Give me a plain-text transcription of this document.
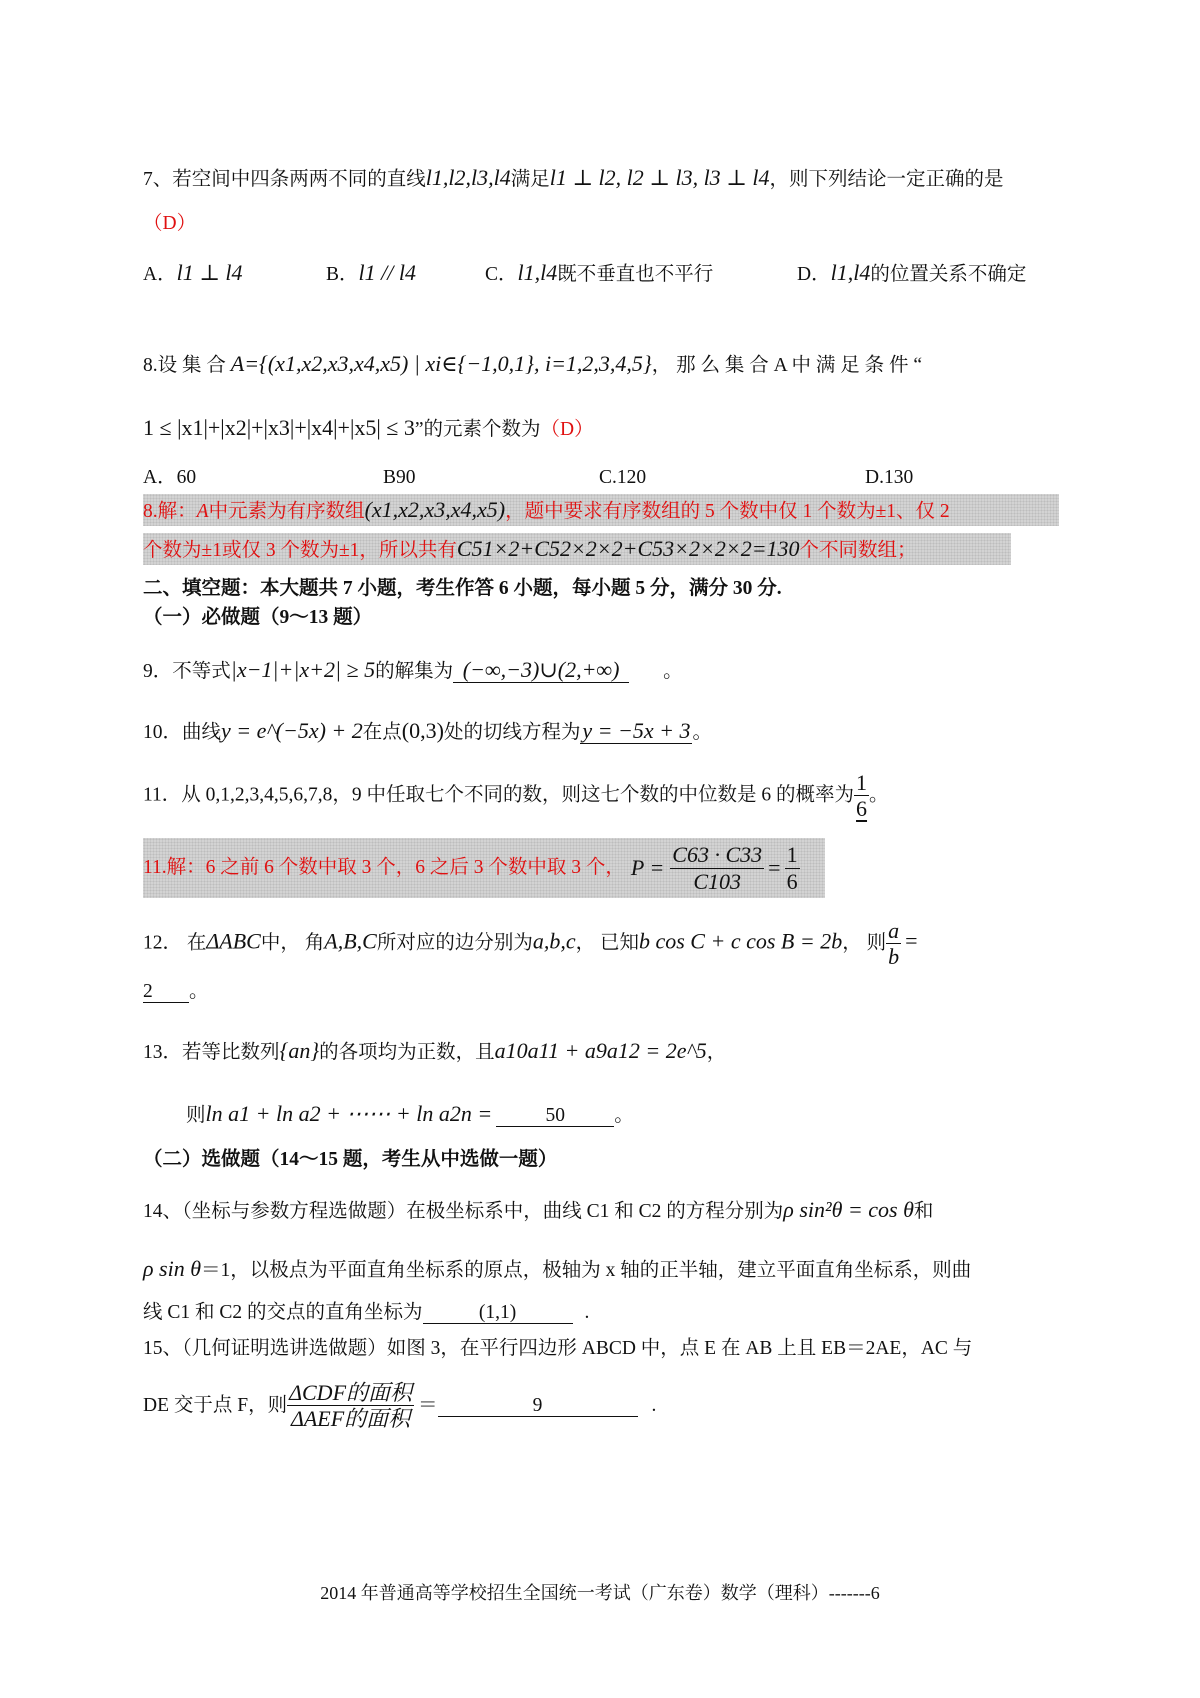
7、若空间中四条两两不同的直线l1,l2,l3,l4满足l1 ⊥ l2, l2 ⊥ l3, l3 ⊥ l4，则下列结论一定正确的是
（D）
A．l1 ⊥ l4	B．l1 // l4	C．l1,l4既不垂直也不平行	D．l1,l4的位置关系不确定
8.设 集 合 A={(x1,x2,x3,x4,x5) | xi∈{−1,0,1}, i=1,2,3,4,5}， 那 么 集 合 A 中 满 足 条 件 “
1 ≤ |x1|+|x2|+|x3|+|x4|+|x5| ≤ 3”的元素个数为（D）
A．60	B90	C.120	D.130
8.解：A中元素为有序数组(x1,x2,x3,x4,x5)，题中要求有序数组的 5 个数中仅 1 个数为±1、仅 2
个数为±1或仅 3 个数为±1，所以共有C51×2+C52×2×2+C53×2×2×2=130个不同数组；
二、填空题：本大题共 7 小题，考生作答 6 小题，每小题 5 分，满分 30 分.
（一）必做题（9～13 题）
9．不等式|x−1|+|x+2| ≥ 5的解集为 (−∞,−3)∪(2,+∞) 。
10．曲线y = e^(−5x) + 2在点(0,3)处的切线方程为y = −5x + 3 。
11．从 0,1,2,3,4,5,6,7,8，9 中任取七个不同的数，则这七个数的中位数是 6 的概率为 $\frac{1}{6}$ 。
11.解：6 之前 6 个数中取 3 个，6 之后 3 个数中取 3 个， $P = \frac{C63 \cdot C33}{C103} = \frac{1}{6}$
12． 在ΔABC中， 角A,B,C所对应的边分别为a,b,c， 已知b cos C + c cos B = 2b， 则 $\frac{a}{b}$ =
2 。
13．若等比数列{an}的各项均为正数，且a10a11 + a9a12 = 2e^5，
则ln a1 + ln a2 + ⋯⋯ + ln a2n =	50	。
（二）选做题（14～15 题，考生从中选做一题）
14、（坐标与参数方程选做题）在极坐标系中，曲线 C1 和 C2 的方程分别为ρ sin²θ = cos θ和
ρ sin θ＝1，以极点为平面直角坐标系的原点，极轴为 x 轴的正半轴，建立平面直角坐标系，则曲
线 C1 和 C2 的交点的直角坐标为	(1,1)	.
15、（几何证明选讲选做题）如图 3，在平行四边形 ABCD 中，点 E 在 AB 上且 EB＝2AE，AC 与
DE 交于点 F，则 $\frac{\text{ΔCDF的面积}}{\text{ΔAEF的面积}}$ ＝	9	.
2014 年普通高等学校招生全国统一考试（广东卷）数学（理科）-------6
